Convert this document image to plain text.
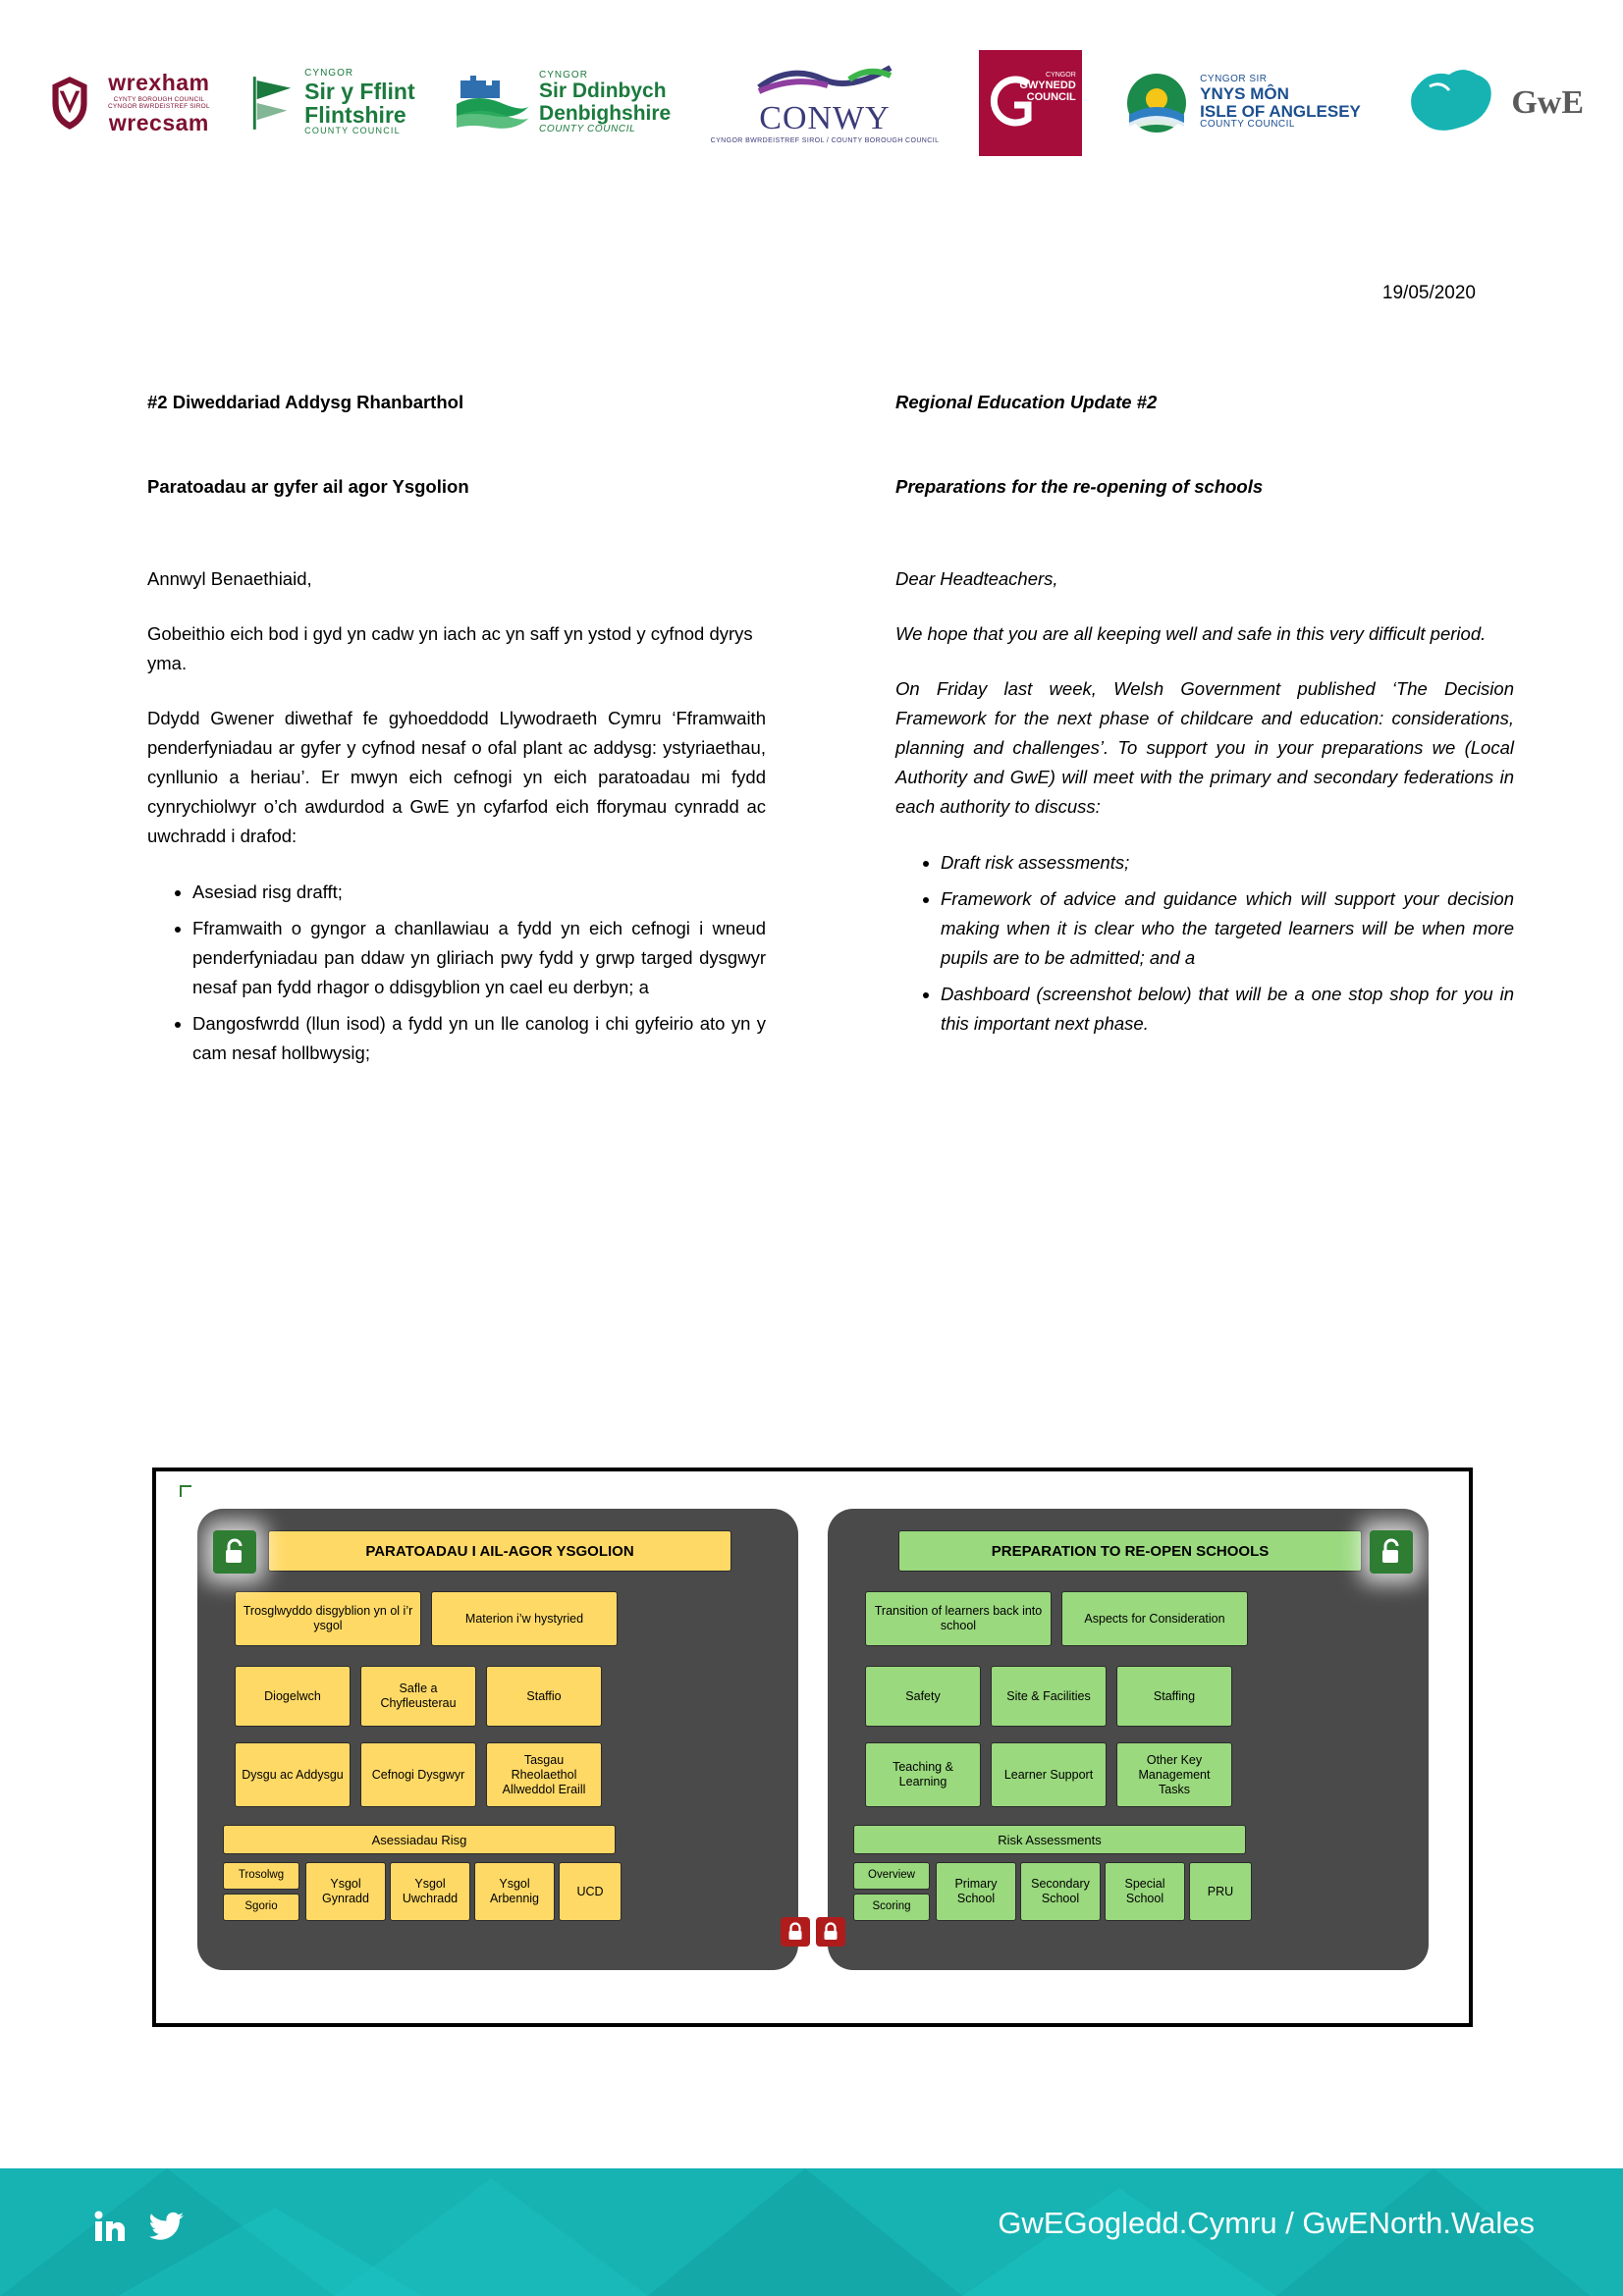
wrexham
CYNTY BOROUGH COUNCIL
CYNGOR BWRDEISTREF SIROL
wrecsam
CYNGOR
Sir y Fflint
Flintshire
COUNTY COUNCIL
CYNGOR
Sir Ddinbych
Denbighshire
COUNTY COUNCIL	CONWY
CYNGOR BWRDEISTREF SIROL / COUNTY BOROUGH COUNCIL
CYNGOR
GWYNEDD
COUNCIL
CYNGOR SIR
YNYS MÔN
ISLE OF ANGLESEY
COUNTY COUNCIL
GwE
19/05/2020
#2 Diweddariad Addysg Rhanbarthol
Paratoadau ar gyfer ail agor Ysgolion

Annwyl Benaethiaid,

Gobeithio eich bod i gyd yn cadw yn iach ac yn saff yn ystod y cyfnod dyrys yma.

Ddydd Gwener diwethaf fe gyhoeddodd Llywodraeth Cymru ‘Fframwaith penderfyniadau ar gyfer y cyfnod nesaf o ofal plant ac addysg: ystyriaethau, cynllunio a heriau’. Er mwyn eich cefnogi yn eich paratoadau mi fydd cynrychiolwyr o’ch awdurdod a GwE yn cyfarfod eich fforymau cynradd ac uwchradd i drafod:

• Asesiad risg drafft;
• Fframwaith o gyngor a chanllawiau a fydd yn eich cefnogi i wneud penderfyniadau pan ddaw yn gliriach pwy fydd y grwp targed dysgwyr nesaf pan fydd rhagor o ddisgyblion yn cael eu derbyn; a
• Dangosfwrdd (llun isod) a fydd yn un lle canolog i chi gyfeirio ato yn y cam nesaf hollbwysig;
Regional Education Update #2
Preparations for the re-opening of schools

Dear Headteachers,

We hope that you are all keeping well and safe in this very difficult period.

On Friday last week, Welsh Government published ‘The Decision Framework for the next phase of childcare and education: considerations, planning and challenges’. To support you in your preparations we (Local Authority and GwE) will meet with the primary and secondary federations in each authority to discuss:

• Draft risk assessments;
• Framework of advice and guidance which will support your decision making when it is clear who the targeted learners will be when more pupils are to be admitted; and a
• Dashboard (screenshot below) that will be a one stop shop for you in this important next phase.
PARATOADAU I AIL-AGOR YSGOLION
Trosglwyddo disgyblion yn ol i’r ysgol
Materion i’w hystyried
Diogelwch
Safle a Chyfleusterau
Staffio
Dysgu ac Addysgu	Cefnogi Dysgwyr
Tasgau Rheolaethol Allweddol Eraill
Asessiadau Risg
Trosolwg
Sgorio
Ysgol Gynradd
Ysgol Uwchradd
Ysgol Arbennig
UCD
PREPARATION TO RE-OPEN SCHOOLS
Transition of learners back into school
Aspects for Consideration
Safety	Site & Facilities	Staffing
Teaching & Learning
Learner Support
Other Key Management Tasks
Risk Assessments
Overview
Scoring
Primary School
Secondary School
Special School
PRU
GwEGogledd.Cymru / GwENorth.Wales
